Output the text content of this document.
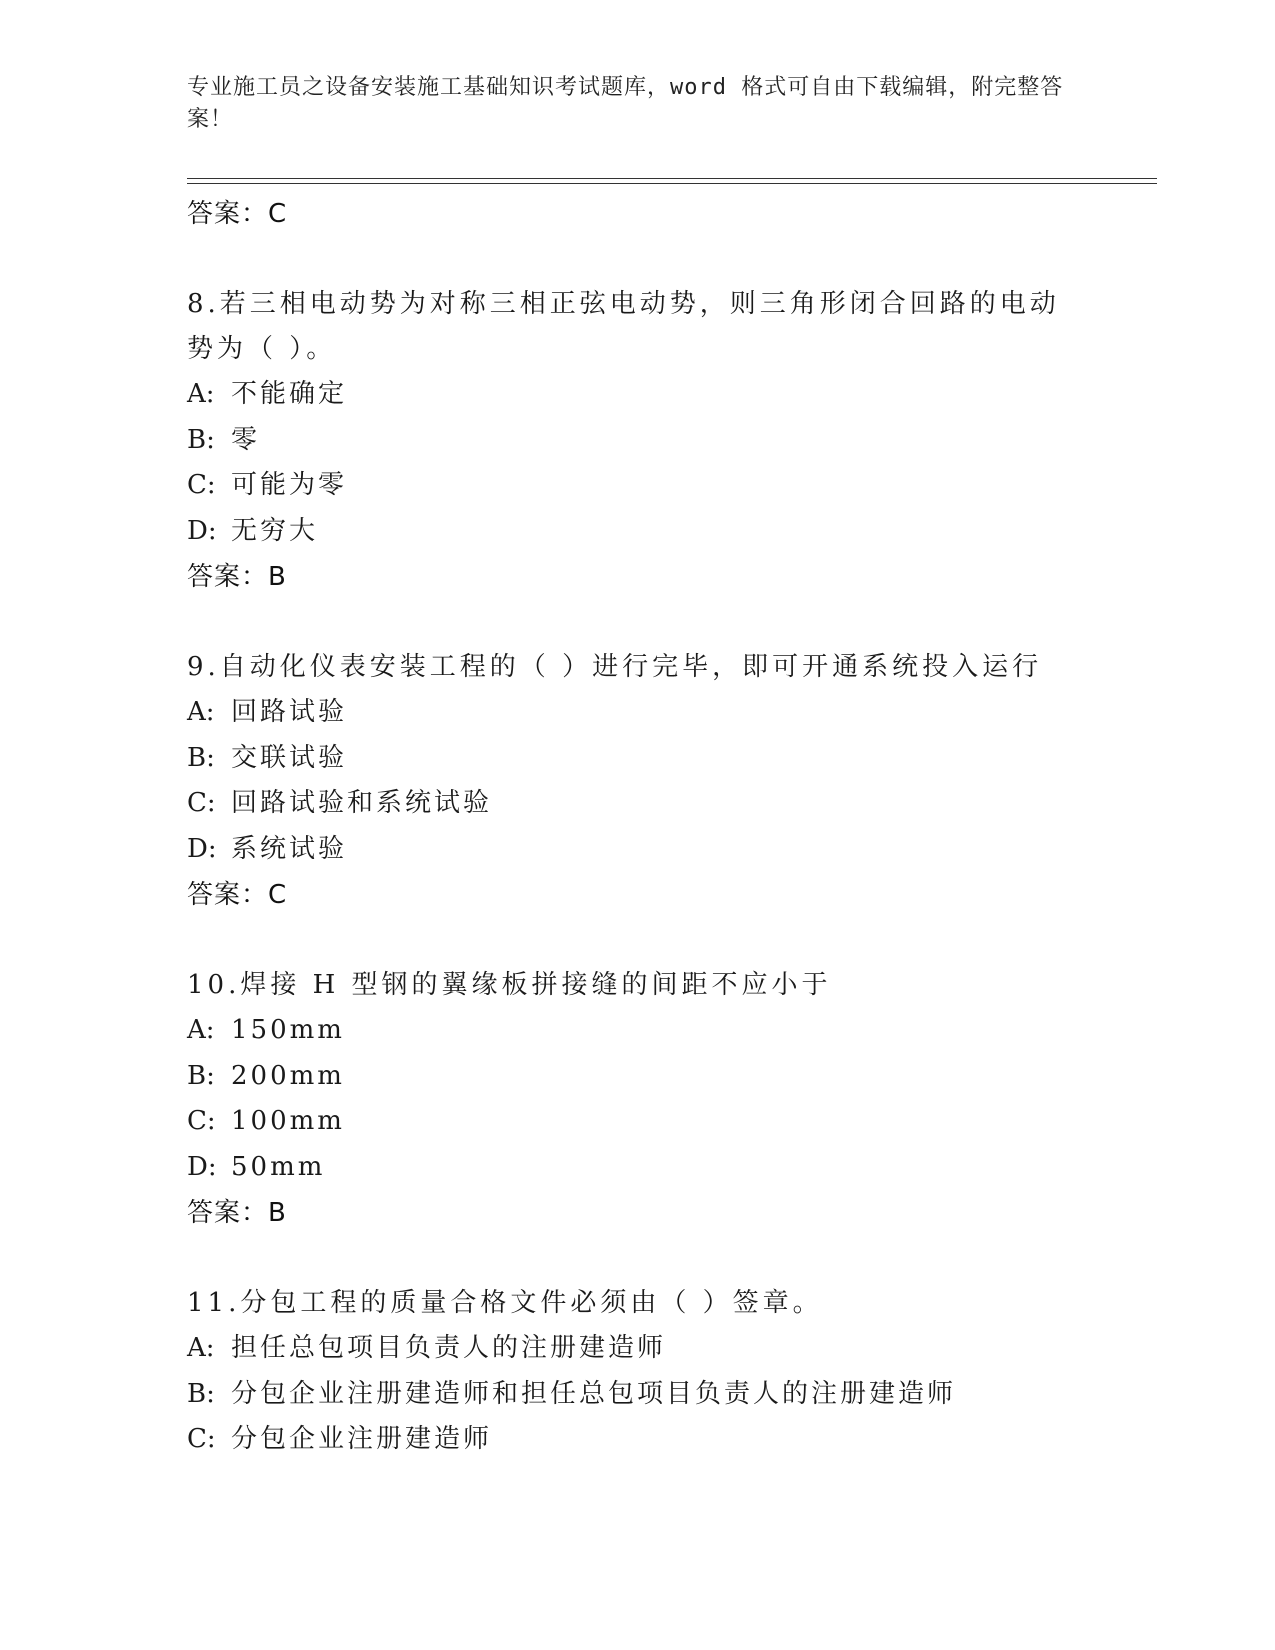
专业施工员之设备安装施工基础知识考试题库，word 格式可自由下载编辑，附完整答案！
答案：C

8.若三相电动势为对称三相正弦电动势，则三角形闭合回路的电动势为（ ）。

A: 不能确定
B: 零
C: 可能为零
D: 无穷大
答案：B

9.自动化仪表安装工程的（ ）进行完毕，即可开通系统投入运行

A: 回路试验
B: 交联试验
C: 回路试验和系统试验
D: 系统试验
答案：C

10.焊接 H 型钢的翼缘板拼接缝的间距不应小于

A: 150mm
B: 200mm
C: 100mm
D: 50mm
答案：B

11.分包工程的质量合格文件必须由（ ）签章。

A: 担任总包项目负责人的注册建造师
B: 分包企业注册建造师和担任总包项目负责人的注册建造师
C: 分包企业注册建造师
